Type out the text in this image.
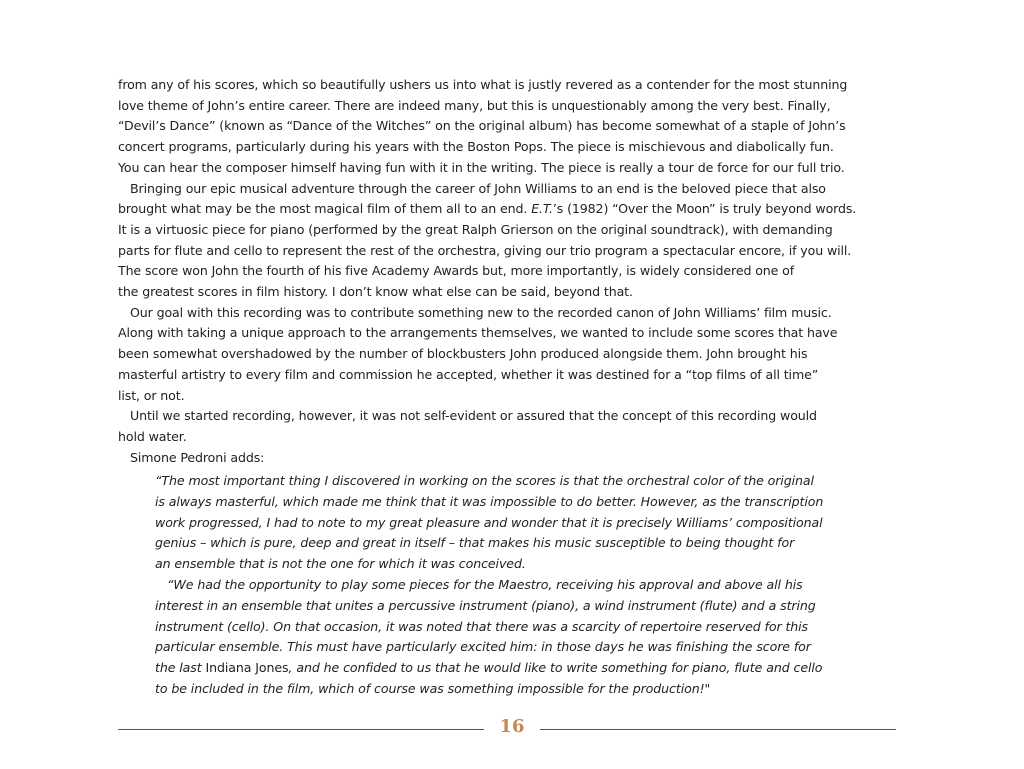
from any of his scores, which so beautifully ushers us into what is justly revered as a contender for the most stunning
love theme of John’s entire career. There are indeed many, but this is unquestionably among the very best. Finally,
“Devil’s Dance” (known as “Dance of the Witches” on the original album) has become somewhat of a staple of John’s
concert programs, particularly during his years with the Boston Pops. The piece is mischievous and diabolically fun.
You can hear the composer himself having fun with it in the writing. The piece is really a tour de force for our full trio.
Bringing our epic musical adventure through the career of John Williams to an end is the beloved piece that also
brought what may be the most magical film of them all to an end. E.T.’s (1982) “Over the Moon” is truly beyond words.
It is a virtuosic piece for piano (performed by the great Ralph Grierson on the original soundtrack), with demanding
parts for flute and cello to represent the rest of the orchestra, giving our trio program a spectacular encore, if you will.
The score won John the fourth of his five Academy Awards but, more importantly, is widely considered one of
the greatest scores in film history. I don’t know what else can be said, beyond that.
Our goal with this recording was to contribute something new to the recorded canon of John Williams’ film music.
Along with taking a unique approach to the arrangements themselves, we wanted to include some scores that have
been somewhat overshadowed by the number of blockbusters John produced alongside them. John brought his
masterful artistry to every film and commission he accepted, whether it was destined for a “top films of all time”
list, or not.
Until we started recording, however, it was not self-evident or assured that the concept of this recording would
hold water.
Simone Pedroni adds:
“The most important thing I discovered in working on the scores is that the orchestral color of the original
is always masterful, which made me think that it was impossible to do better. However, as the transcription
work progressed, I had to note to my great pleasure and wonder that it is precisely Williams’ compositional
genius – which is pure, deep and great in itself – that makes his music susceptible to being thought for
an ensemble that is not the one for which it was conceived.
“We had the opportunity to play some pieces for the Maestro, receiving his approval and above all his
interest in an ensemble that unites a percussive instrument (piano), a wind instrument (flute) and a string
instrument (cello). On that occasion, it was noted that there was a scarcity of repertoire reserved for this
particular ensemble. This must have particularly excited him: in those days he was finishing the score for
the last Indiana Jones, and he confided to us that he would like to write something for piano, flute and cello
to be included in the film, which of course was something impossible for the production!"
16
